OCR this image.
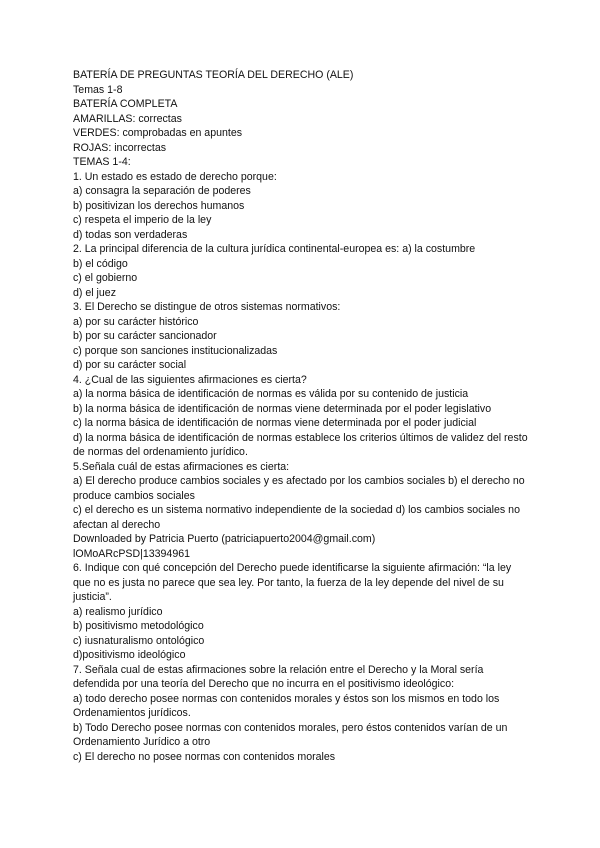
BATERÍA DE PREGUNTAS TEORÍA DEL DERECHO (ALE)
Temas 1-8
BATERÍA COMPLETA
AMARILLAS: correctas
VERDES: comprobadas en apuntes
ROJAS: incorrectas
TEMAS 1-4:
1. Un estado es estado de derecho porque:
a) consagra la separación de poderes
b) positivizan los derechos humanos
c) respeta el imperio de la ley
d) todas son verdaderas
2. La principal diferencia de la cultura jurídica continental-europea es: a) la costumbre
b) el código
c) el gobierno
d) el juez
3. El Derecho se distingue de otros sistemas normativos:
a) por su carácter histórico
b) por su carácter sancionador
c) porque son sanciones institucionalizadas
d) por su carácter social
4. ¿Cual de las siguientes afirmaciones es cierta?
a) la norma básica de identificación de normas es válida por su contenido de justicia
b) la norma básica de identificación de normas viene determinada por el poder legislativo
c) la norma básica de identificación de normas viene determinada por el poder judicial
d) la norma básica de identificación de normas establece los criterios últimos de validez del resto de normas del ordenamiento jurídico.
5.Señala cuál de estas afirmaciones es cierta:
a) El derecho produce cambios sociales y es afectado por los cambios sociales b) el derecho no produce cambios sociales
c) el derecho es un sistema normativo independiente de la sociedad d) los cambios sociales no afectan al derecho
Downloaded by Patricia Puerto (patriciapuerto2004@gmail.com)
lOMoARcPSD|13394961
6. Indique con qué concepción del Derecho puede identificarse la siguiente afirmación: “la ley que no es justa no parece que sea ley. Por tanto, la fuerza de la ley depende del nivel de su justicia”.
a) realismo jurídico
b) positivismo metodológico
c) iusnaturalismo ontológico
d)positivismo ideológico
7. Señala cual de estas afirmaciones sobre la relación entre el Derecho y la Moral sería defendida por una teoría del Derecho que no incurra en el positivismo ideológico:
a) todo derecho posee normas con contenidos morales y éstos son los mismos en todo los Ordenamientos jurídicos.
b) Todo Derecho posee normas con contenidos morales, pero éstos contenidos varían de un Ordenamiento Jurídico a otro
c) El derecho no posee normas con contenidos morales
